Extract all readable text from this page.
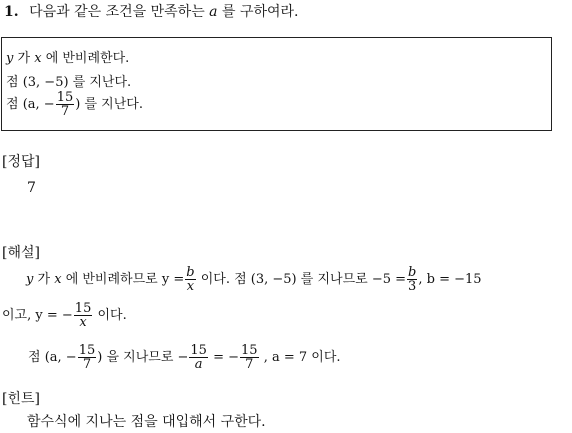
1. 다음과 같은 조건을 만족하는 a 를 구하여라.
y 가 x 에 반비례한다.
점 (3, −5) 를 지난다.
점 (a, − $\frac{15}{7}$ ) 를 지난다.
[정답]
7
[해설]
y 가 x 에 반비례하므로 $y = \frac{b}{x}$ 이다. 점 (3, −5) 를 지나므로 $-5 = \frac{b}{3}$ , b = −15
이고, y = − $\frac{15}{x}$ 이다.
점 (a, − $\frac{15}{7}$ ) 을 지나므로 − $\frac{15}{a}$ = − $\frac{15}{7}$ , a = 7 이다.
[힌트]
함수식에 지나는 점을 대입해서 구한다.
